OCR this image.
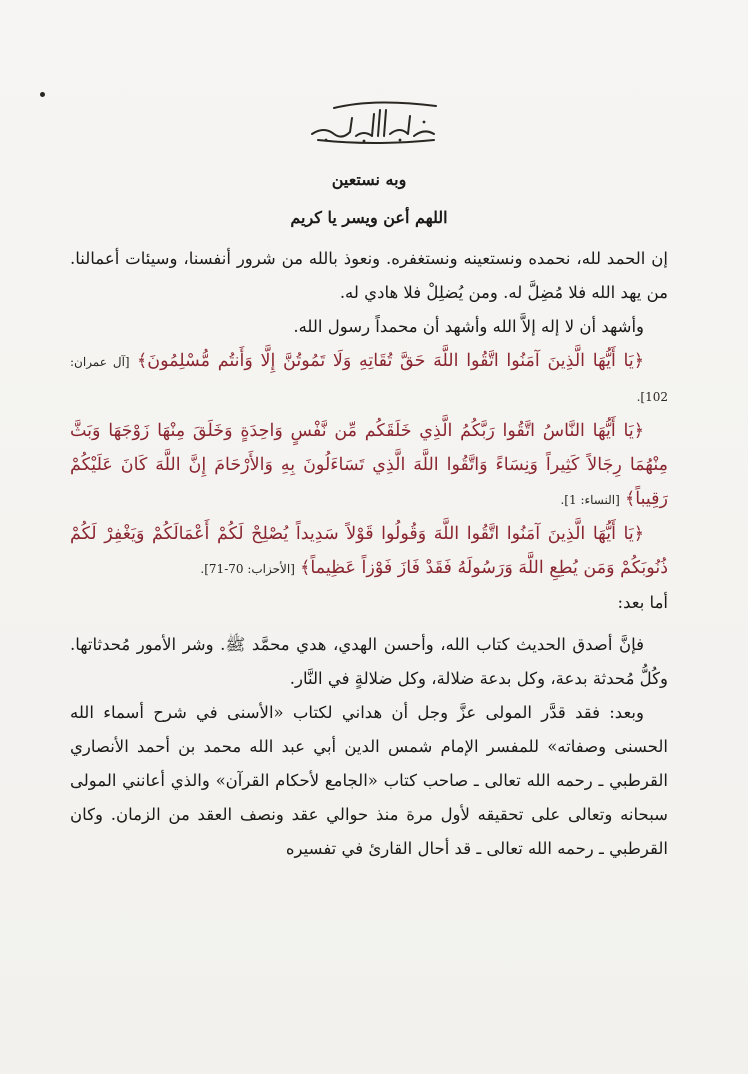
وبه نستعين

اللهم أعن ويسر يا كريم

إن الحمد لله، نحمده ونستعينه ونستغفره. ونعوذ بالله من شرور أنفسنا، وسيئات أعمالنا. من يهد الله فلا مُضِلَّ له. ومن يُضلِلْ فلا هادي له.

وأشهد أن لا إله إلاَّ الله وأشهد أن محمداً رسول الله.

﴿يَا أَيُّهَا الَّذِينَ آمَنُوا اتَّقُوا اللَّهَ حَقَّ تُقَاتِهِ وَلَا تَمُوتُنَّ إِلَّا وَأَنتُم مُّسْلِمُونَ﴾ [آل عمران: 102].

﴿يَا أَيُّهَا النَّاسُ اتَّقُوا رَبَّكُمُ الَّذِي خَلَقَكُم مِّن نَّفْسٍ وَاحِدَةٍ وَخَلَقَ مِنْهَا زَوْجَهَا وَبَثَّ مِنْهُمَا رِجَالاً كَثِيراً وَنِسَاءً وَاتَّقُوا اللَّهَ الَّذِي تَسَاءَلُونَ بِهِ وَالأَرْحَامَ إِنَّ اللَّهَ كَانَ عَلَيْكُمْ رَقِيباً﴾ [النساء: 1].

﴿يَا أَيُّهَا الَّذِينَ آمَنُوا اتَّقُوا اللَّهَ وَقُولُوا قَوْلاً سَدِيداً يُصْلِحْ لَكُمْ أَعْمَالَكُمْ وَيَغْفِرْ لَكُمْ ذُنُوبَكُمْ وَمَن يُطِعِ اللَّهَ وَرَسُولَهُ فَقَدْ فَازَ فَوْزاً عَظِيماً﴾ [الأحزاب: 70-71].

أما بعد:

فإنَّ أصدق الحديث كتاب الله، وأحسن الهدي، هدي محمَّد ﷺ. وشر الأمور مُحدثاتها. وكُلُّ مُحدثة بدعة، وكل بدعة ضلالة، وكل ضلالةٍ في النَّار.

وبعد: فقد قدَّر المولى عزَّ وجل أن هداني لكتاب «الأسنى في شرح أسماء الله الحسنى وصفاته» للمفسر الإمام شمس الدين أبي عبد الله محمد بن أحمد الأنصاري القرطبي ـ رحمه الله تعالى ـ صاحب كتاب «الجامع لأحكام القرآن» والذي أعانني المولى سبحانه وتعالى على تحقيقه لأول مرة منذ حوالي عقد ونصف العقد من الزمان. وكان القرطبي ـ رحمه الله تعالى ـ قد أحال القارئ في تفسيره
